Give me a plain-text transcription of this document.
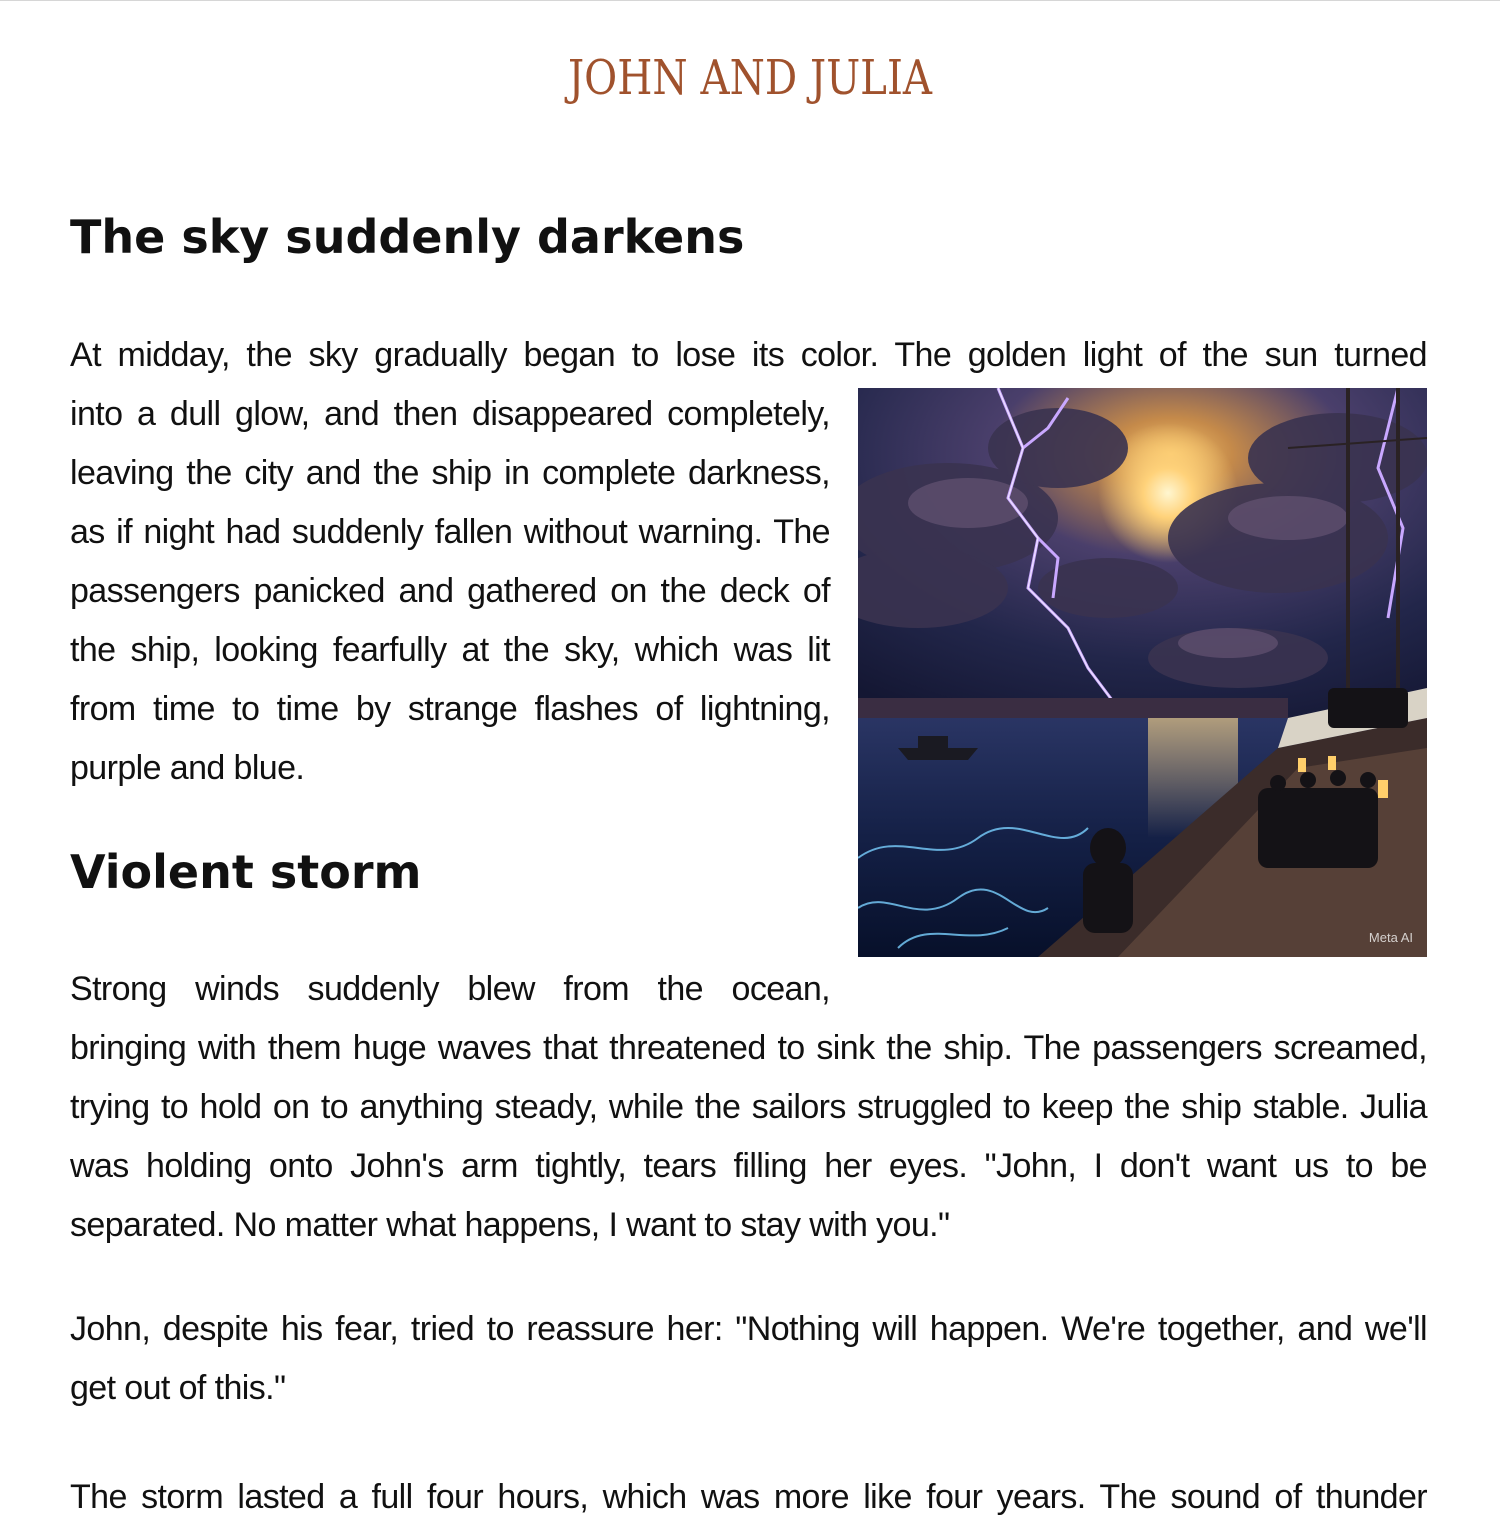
JOHN AND JULIA
The sky suddenly darkens

At midday, the sky gradually began to lose its color. The golden light of the sun turned
into a dull glow, and then disappeared completely, leaving the city and the ship in complete darkness, as if night had suddenly fallen without warning. The passengers panicked and gathered on the deck of the ship, looking fearfully at the sky, which was lit from time to time by strange flashes of lightning, purple and blue.

Violent storm

Strong winds suddenly blew from the ocean,
bringing with them huge waves that threatened to sink the ship. The passengers screamed, trying to hold on to anything steady, while the sailors struggled to keep the ship stable. Julia was holding onto John's arm tightly, tears filling her eyes. "John, I don't want us to be separated. No matter what happens, I want to stay with you."

John, despite his fear, tried to reassure her: "Nothing will happen. We're together, and we'll get out of this."

The storm lasted a full four hours, which was more like four years. The sound of thunder

Meta AI
